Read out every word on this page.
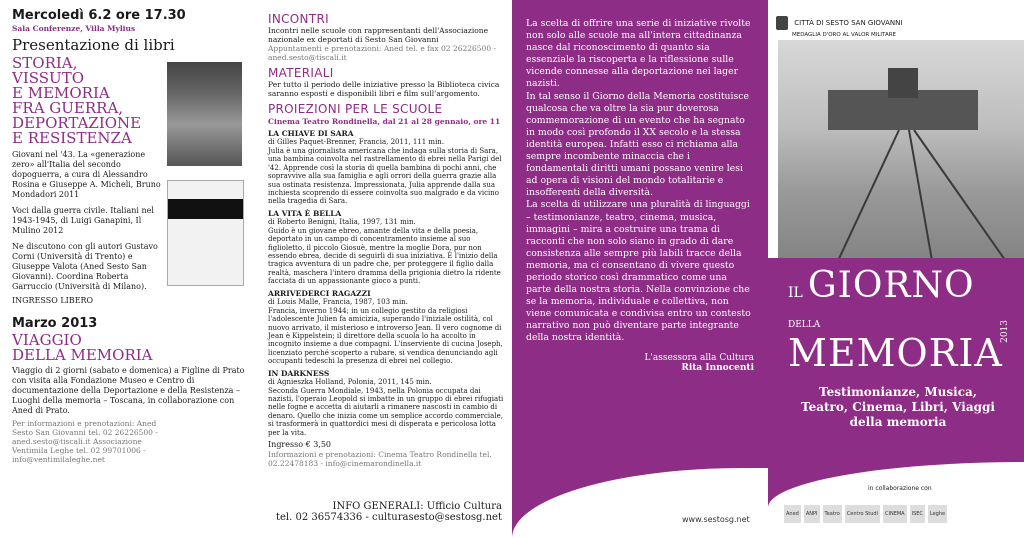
Mercoledì 6.2 ore 17.30
Sala Conferenze, Villa Mylius
Presentazione di libri
STORIA,
VISSUTO
E MEMORIA
FRA GUERRA,
DEPORTAZIONE
E RESISTENZA
Giovani nel '43. La «generazione zero» all'Italia del secondo dopoguerra, a cura di Alessandro Rosina e Giuseppe A. Micheli, Bruno Mondadori 2011
Voci dalla guerra civile. Italiani nel 1943-1945, di Luigi Ganapini, Il Mulino 2012
Ne discutono con gli autori Gustavo Corni (Università di Trento) e Giuseppe Valota (Aned Sesto San Giovanni). Coordina Roberta Garruccio (Università di Milano).
INGRESSO LIBERO
Marzo 2013
VIAGGIO
DELLA MEMORIA
Viaggio di 2 giorni (sabato e domenica) a Figline di Prato con visita alla Fondazione Museo e Centro di documentazione della Deportazione e della Resistenza – Luoghi della memoria – Toscana, in collaborazione con Aned di Prato.
Per informazioni e prenotazioni: Aned Sesto San Giovanni tel. 02 26226500 - aned.sesto@tiscali.it Associazione Ventimila Leghe tel. 02 99701006 - info@ventimilaleghe.net
INCONTRI
Incontri nelle scuole con rappresentanti dell'Associazione nazionale ex deportati di Sesto San Giovanni
Appuntamenti e prenotazioni: Aned tel. e fax 02 26226500 - aned.sesto@tiscali.it
MATERIALI
Per tutto il periodo delle iniziative presso la Biblioteca civica saranno esposti e disponibili libri e film sull'argomento.
PROIEZIONI PER LE SCUOLE
Cinema Teatro Rondinella, dal 21 al 28 gennaio, ore 11
LA CHIAVE DI SARA
di Gilles Paquet-Brenner, Francia, 2011, 111 min.
Julia è una giornalista americana che indaga sulla storia di Sara, una bambina coinvolta nel rastrellamento di ebrei nella Parigi del '42. Apprende così la storia di quella bambina di pochi anni, che sopravvive alla sua famiglia e agli orrori della guerra grazie alla sua ostinata resistenza. Impressionata, Julia apprende dalla sua inchiesta scoprendo di essere coinvolta suo malgrado e da vicino nella tragedia di Sara.
LA VITA È BELLA
di Roberto Benigni, Italia, 1997, 131 min.
Guido è un giovane ebreo, amante della vita e della poesia, deportato in un campo di concentramento insieme al suo figlioletto, il piccolo Giosuè, mentre la moglie Dora, pur non essendo ebrea, decide di seguirli di sua iniziativa. È l'inizio della tragica avventura di un padre che, per proteggere il figlio dalla realtà, maschera l'intero dramma della prigionia dietro la ridente facciata di un appassionante gioco a punti.
ARRIVEDERCI RAGAZZI
di Louis Malle, Francia, 1987, 103 min.
Francia, inverno 1944; in un collegio gestito da religiosi l'adolescente Julien fa amicizia, superando l'iniziale ostilità, col nuovo arrivato, il misterioso e introverso Jean. Il vero cognome di Jean è Kippelstein; il direttore della scuola lo ha accolto in incognito insieme a due compagni. L'inserviente di cucina Joseph, licenziato perché scoperto a rubare, si vendica denunciando agli occupanti tedeschi la presenza di ebrei nel collegio.
IN DARKNESS
di Agnieszka Holland, Polonia, 2011, 145 min.
Seconda Guerra Mondiale, 1943, nella Polonia occupata dai nazisti, l'operaio Leopold si imbatte in un gruppo di ebrei rifugiati nelle fogne e accetta di aiutarli a rimanere nascosti in cambio di denaro. Quello che inizia come un semplice accordo commerciale, si trasformerà in quattordici mesi di disperata e pericolosa lotta per la vita.
Ingresso € 3,50
Informazioni e prenotazioni: Cinema Teatro Rondinella tel. 02.22478183 - info@cinemarondinella.it
INFO GENERALI: Ufficio Cultura
tel. 02 36574336 - culturasesto@sestosg.net

La scelta di offrire una serie di iniziative rivolte non solo alle scuole ma all'intera cittadinanza nasce dal riconoscimento di quanto sia essenziale la riscoperta e la riflessione sulle vicende connesse alla deportazione nei lager nazisti.

In tal senso il Giorno della Memoria costituisce qualcosa che va oltre la sia pur doverosa commemorazione di un evento che ha segnato in modo così profondo il XX secolo e la stessa identità europea. Infatti esso ci richiama alla sempre incombente minaccia che i fondamentali diritti umani possano venire lesi ad opera di visioni del mondo totalitarie e insofferenti della diversità.

La scelta di utilizzare una pluralità di linguaggi – testimonianze, teatro, cinema, musica, immagini – mira a costruire una trama di racconti che non solo siano in grado di dare consistenza alle sempre più labili tracce della memoria, ma ci consentano di vivere questo periodo storico così drammatico come una parte della nostra storia. Nella convinzione che se la memoria, individuale e collettiva, non viene comunicata e condivisa entro un contesto narrativo non può diventare parte integrante della nostra identità.

L'assessora alla Cultura
Rita Innocenti
www.sestosg.net
CITTÀ DI SESTO SAN GIOVANNI
MEDAGLIA D'ORO AL VALOR MILITARE
IL GIORNO
DELLA MEMORIA
2013
Testimonianze, Musica, Teatro, Cinema, Libri, Viaggi della memoria
in collaborazione con
Aned ANPI Teatro Centro Studi CINEMA ISEC Leghe
